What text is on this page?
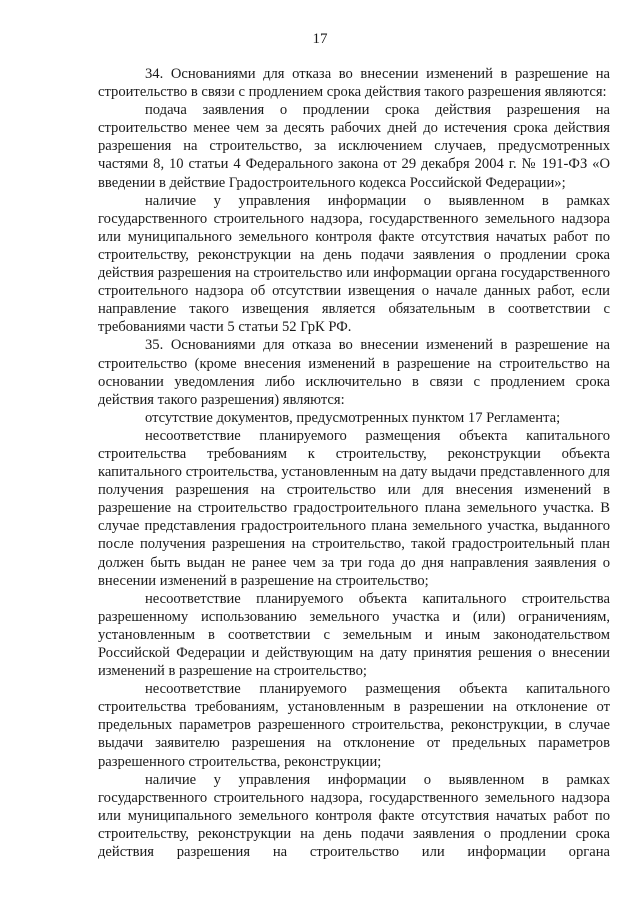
17

34. Основаниями для отказа во внесении изменений в разрешение на строительство в связи с продлением срока действия такого разрешения являются:

подача заявления о продлении срока действия разрешения на строительство менее чем за десять рабочих дней до истечения срока действия разрешения на строительство, за исключением случаев, предусмотренных частями 8, 10 статьи 4 Федерального закона от 29 декабря 2004 г. № 191-ФЗ «О введении в действие Градостроительного кодекса Российской Федерации»;

наличие у управления информации о выявленном в рамках государственного строительного надзора, государственного земельного надзора или муниципального земельного контроля факте отсутствия начатых работ по строительству, реконструкции на день подачи заявления о продлении срока действия разрешения на строительство или информации органа государственного строительного надзора об отсутствии извещения о начале данных работ, если направление такого извещения является обязательным в соответствии с требованиями части 5 статьи 52 ГрК РФ.

35. Основаниями для отказа во внесении изменений в разрешение на строительство (кроме внесения изменений в разрешение на строительство на основании уведомления либо исключительно в связи с продлением срока действия такого разрешения) являются:

отсутствие документов, предусмотренных пунктом 17 Регламента;

несоответствие планируемого размещения объекта капитального строительства требованиям к строительству, реконструкции объекта капитального строительства, установленным на дату выдачи представленного для получения разрешения на строительство или для внесения изменений в разрешение на строительство градостроительного плана земельного участка. В случае представления градостроительного плана земельного участка, выданного после получения разрешения на строительство, такой градостроительный план должен быть выдан не ранее чем за три года до дня направления заявления о внесении изменений в разрешение на строительство;

несоответствие планируемого объекта капитального строительства разрешенному использованию земельного участка и (или) ограничениям, установленным в соответствии с земельным и иным законодательством Российской Федерации и действующим на дату принятия решения о внесении изменений в разрешение на строительство;

несоответствие планируемого размещения объекта капитального строительства требованиям, установленным в разрешении на отклонение от предельных параметров разрешенного строительства, реконструкции, в случае выдачи заявителю разрешения на отклонение от предельных параметров разрешенного строительства, реконструкции;

наличие у управления информации о выявленном в рамках государственного строительного надзора, государственного земельного надзора или муниципального земельного контроля факте отсутствия начатых работ по строительству, реконструкции на день подачи заявления о продлении срока действия разрешения на строительство или информации органа
